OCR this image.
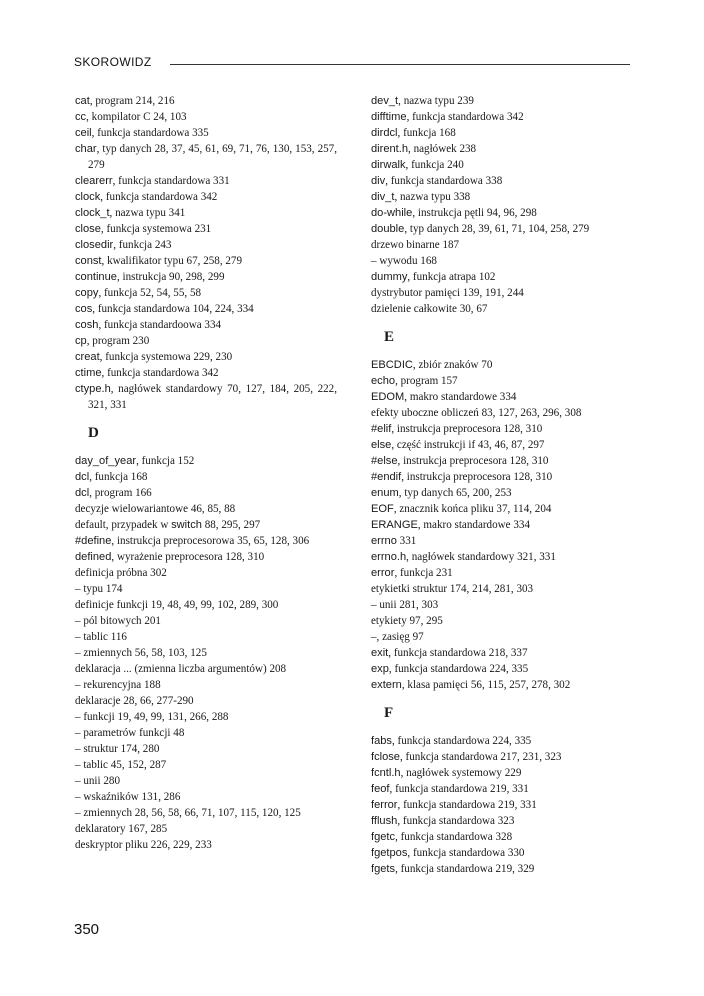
SKOROWIDZ
cat, program 214, 216
cc, kompilator C 24, 103
ceil, funkcja standardowa 335
char, typ danych 28, 37, 45, 61, 69, 71, 76, 130, 153, 257, 279
clearerr, funkcja standardowa 331
clock, funkcja standardowa 342
clock_t, nazwa typu 341
close, funkcja systemowa 231
closedir, funkcja 243
const, kwalifikator typu 67, 258, 279
continue, instrukcja 90, 298, 299
copy, funkcja 52, 54, 55, 58
cos, funkcja standardowa 104, 224, 334
cosh, funkcja standardoowa 334
cp, program 230
creat, funkcja systemowa 229, 230
ctime, funkcja standardowa 342
ctype.h, nagłówek standardowy 70, 127, 184, 205, 222, 321, 331
D
day_of_year, funkcja 152
dcl, funkcja 168
dcl, program 166
decyzje wielowariantowe 46, 85, 88
default, przypadek w switch 88, 295, 297
#define, instrukcja preprocesorowa 35, 65, 128, 306
defined, wyrażenie preprocesora 128, 310
definicja próbna 302
– typu 174
definicje funkcji 19, 48, 49, 99, 102, 289, 300
– pól bitowych 201
– tablic 116
– zmiennych 56, 58, 103, 125
deklaracja ... (zmienna liczba argumentów) 208
– rekurencyjna 188
deklaracje 28, 66, 277-290
– funkcji 19, 49, 99, 131, 266, 288
– parametrów funkcji 48
– struktur 174, 280
– tablic 45, 152, 287
– unii 280
– wskaźników 131, 286
– zmiennych 28, 56, 58, 66, 71, 107, 115, 120, 125
deklaratory 167, 285
deskryptor pliku 226, 229, 233
dev_t, nazwa typu 239
difftime, funkcja standardowa 342
dirdcl, funkcja 168
dirent.h, nagłówek 238
dirwalk, funkcja 240
div, funkcja standardowa 338
div_t, nazwa typu 338
do-while, instrukcja pętli 94, 96, 298
double, typ danych 28, 39, 61, 71, 104, 258, 279
drzewo binarne 187
– wywodu 168
dummy, funkcja atrapa 102
dystrybutor pamięci 139, 191, 244
dzielenie całkowite 30, 67
E
EBCDIC, zbiór znaków 70
echo, program 157
EDOM, makro standardowe 334
efekty uboczne obliczeń 83, 127, 263, 296, 308
#elif, instrukcja preprocesora 128, 310
else, część instrukcji if 43, 46, 87, 297
#else, instrukcja preprocesora 128, 310
#endif, instrukcja preprocesora 128, 310
enum, typ danych 65, 200, 253
EOF, znacznik końca pliku 37, 114, 204
ERANGE, makro standardowe 334
errno 331
errno.h, nagłówek standardowy 321, 331
error, funkcja 231
etykietki struktur 174, 214, 281, 303
– unii 281, 303
etykiety 97, 295
–, zasięg 97
exit, funkcja standardowa 218, 337
exp, funkcja standardowa 224, 335
extern, klasa pamięci 56, 115, 257, 278, 302
F
fabs, funkcja standardowa 224, 335
fclose, funkcja standardowa 217, 231, 323
fcntl.h, nagłówek systemowy 229
feof, funkcja standardowa 219, 331
ferror, funkcja standardowa 219, 331
fflush, funkcja standardowa 323
fgetc, funkcja standardowa 328
fgetpos, funkcja standardowa 330
fgets, funkcja standardowa 219, 329
350
